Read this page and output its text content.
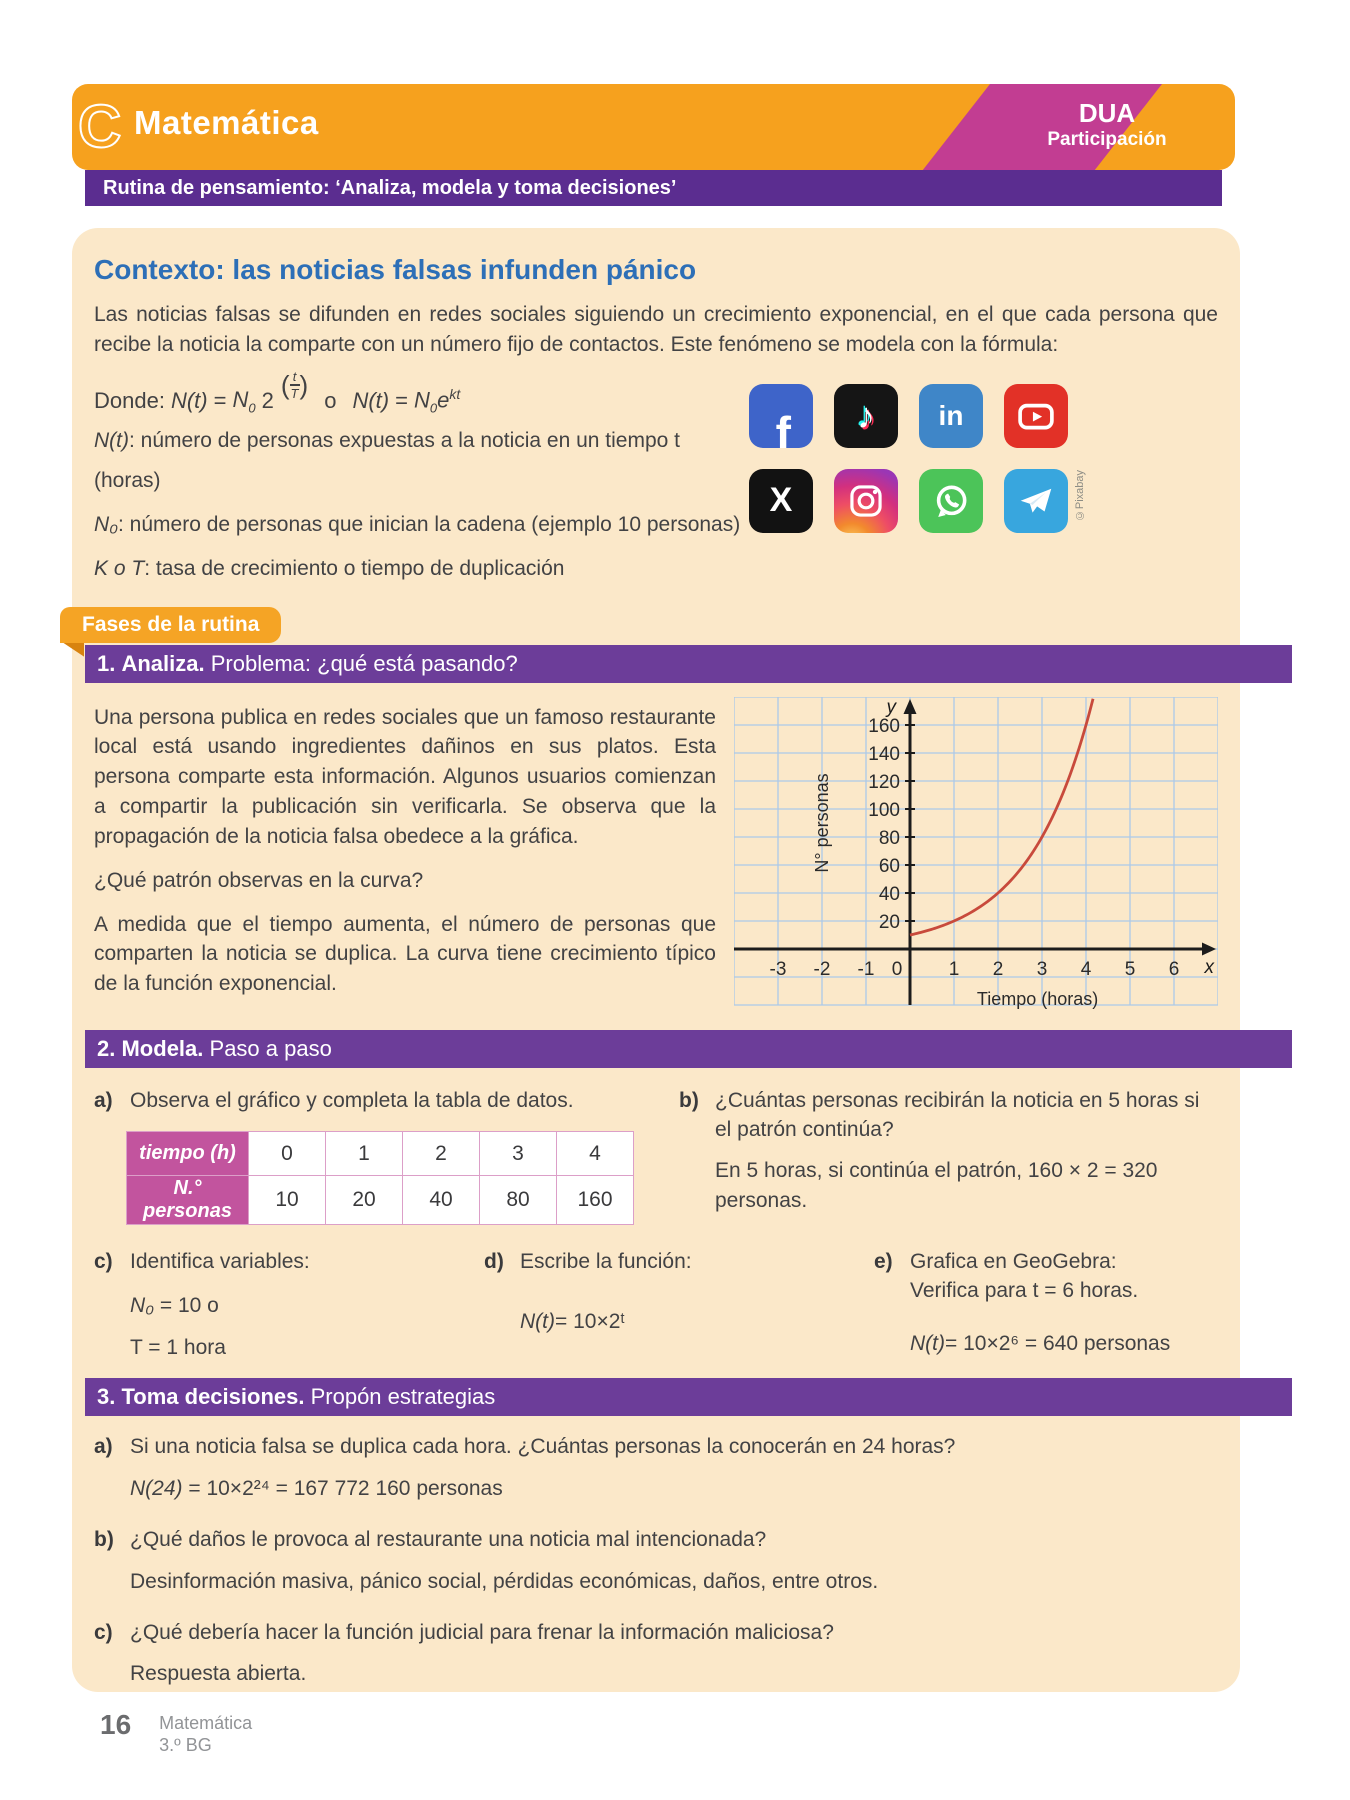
DUA
Participación
C Matemática
Rutina de pensamiento: ‘Analiza, modela y toma decisiones’
Contexto: las noticias falsas infunden pánico

Las noticias falsas se difunden en redes sociales siguiendo un crecimiento exponencial, en el que cada persona que recibe la noticia la comparte con un número fijo de contactos. Este fenómeno se modela con la fórmula:

Donde: $N(t) = N_0$ 2
( $\frac{t}{T}$ )
o $N(t) = N_0e^{kt}$

N(t): número de personas expuestas a la noticia en un tiempo t (horas)

N₀: número de personas que inician la cadena (ejemplo 10 personas)

K o T: tasa de crecimiento o tiempo de duplicación

f ♪ in
X	©Pixabay
Fases de la rutina
1. Analiza. Problema: ¿qué está pasando?

Una persona publica en redes sociales que un famoso restaurante local está usando ingredientes dañinos en sus platos. Esta persona comparte esta información. Algunos usuarios comienzan a compartir la publicación sin verificarla. Se observa que la propagación de la noticia falsa obedece a la gráfica.

¿Qué patrón observas en la curva?

A medida que el tiempo aumenta, el número de personas que comparten la noticia se duplica. La curva tiene crecimiento típico de la función exponencial.

20
40
60
80
100
120
140
160
-3 -2 -1 0 1 2 3 4 5 6
y
x
N° personas
Tiempo (horas)
2. Modela. Paso a paso
a) Observa el gráfico y completa la tabla de datos.
tiempo (h)	0	1	2	3	4
N.° personas	10	20	40	80	160
b) ¿Cuántas personas recibirán la noticia en 5 horas si el patrón continúa?

En 5 horas, si continúa el patrón, 160 × 2 = 320 personas.

c) Identifica variables:

N₀ = 10 o

T = 1 hora

d) Escribe la función:

N(t)= 10×2ᵗ

e) Grafica en GeoGebra:
Verifica para t = 6 horas.

N(t)= 10×2⁶ = 640 personas

3. Toma decisiones. Propón estrategias
a) Si una noticia falsa se duplica cada hora. ¿Cuántas personas la conocerán en 24 horas?

N(24) = 10×2²⁴ = 167 772 160 personas

b) ¿Qué daños le provoca al restaurante una noticia mal intencionada?

Desinformación masiva, pánico social, pérdidas económicas, daños, entre otros.

c) ¿Qué debería hacer la función judicial para frenar la información maliciosa?

Respuesta abierta.

16 Matemática
3.º BG
